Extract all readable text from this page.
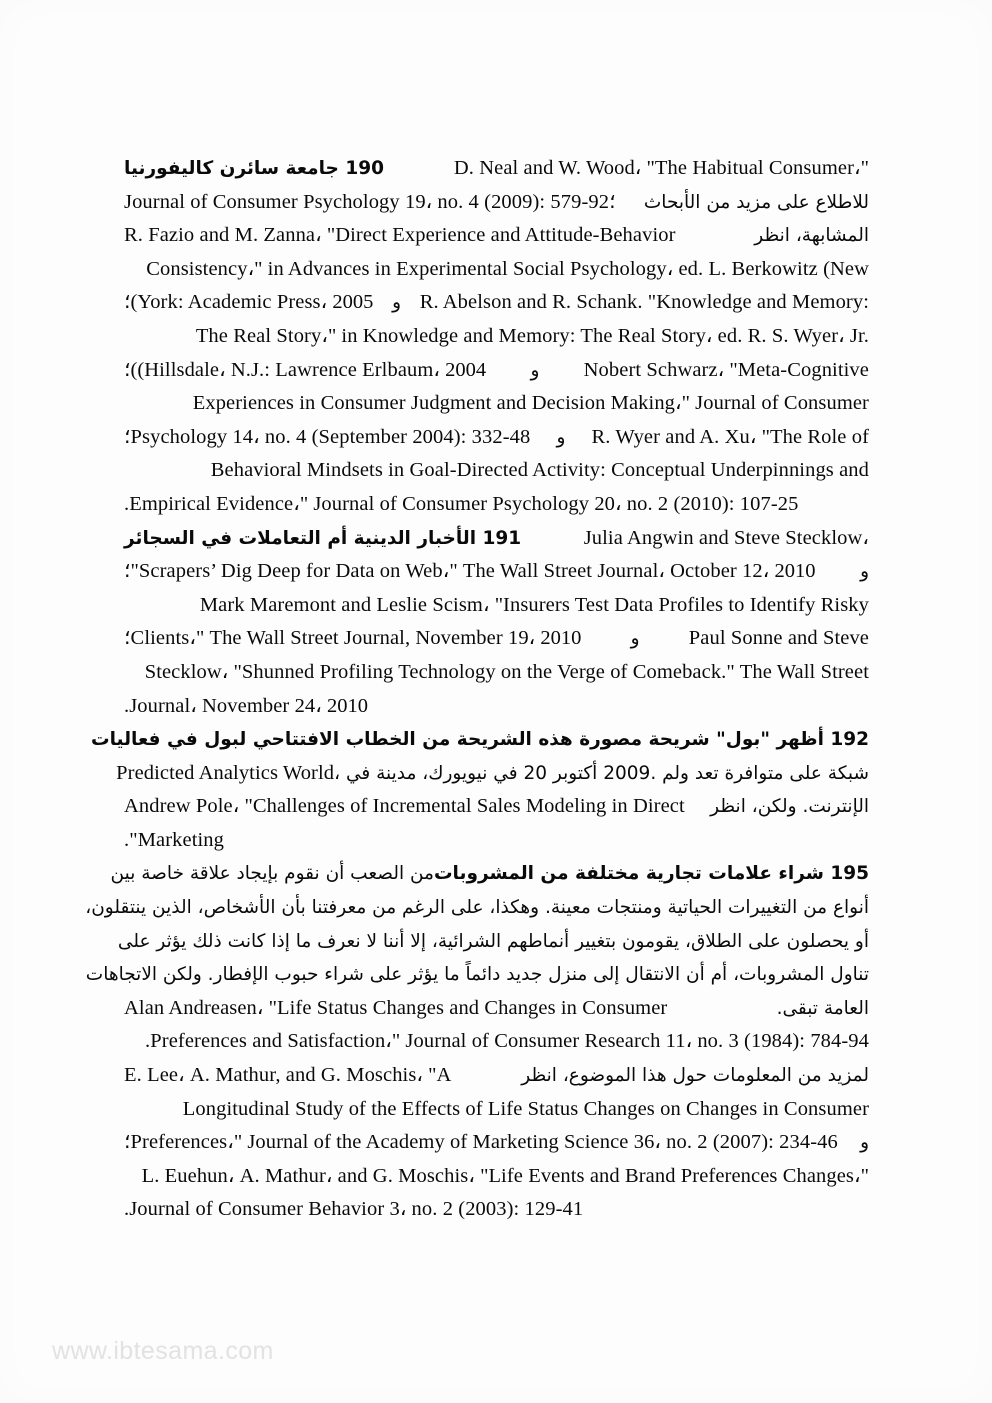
D. Neal and W. Wood، "The Habitual Consumer،"
190 جامعة سائرن كاليفورنيا
للاطلاع على مزيد من الأبحاث
Journal of Consumer Psychology 19، no. 4 (2009): 579-92؛
المشابهة، انظر
R. Fazio and M. Zanna، "Direct Experience and Attitude-Behavior
Consistency،" in Advances in Experimental Social Psychology، ed. L. Berkowitz (New
R. Abelson and R. Schank. "Knowledge and Memory:
و
؛(York: Academic Press، 2005
The Real Story،" in Knowledge and Memory: The Real Story، ed. R. S. Wyer، Jr.
Nobert Schwarz، "Meta-Cognitive
و
؛((Hillsdale، N.J.: Lawrence Erlbaum، 2004
Experiences in Consumer Judgment and Decision Making،" Journal of Consumer
R. Wyer and A. Xu، "The Role of
و
؛Psychology 14، no. 4 (September 2004): 332-48
Behavioral Mindsets in Goal-Directed Activity: Conceptual Underpinnings and
.Empirical Evidence،" Journal of Consumer Psychology 20، no. 2 (2010): 107-25
Julia Angwin and Steve Stecklow،
191 الأخبار الدينية أم التعاملات في السجائر
و
؛"Scrapers’ Dig Deep for Data on Web،" The Wall Street Journal، October 12، 2010
Mark Maremont and Leslie Scism، "Insurers Test Data Profiles to Identify Risky
Paul Sonne and Steve
و
؛Clients،" The Wall Street Journal, November 19، 2010
Stecklow، "Shunned Profiling Technology on the Verge of Comeback." The Wall Street
.Journal، November 24، 2010
192 أظهر "بول" شريحة مصورة هذه الشريحة من الخطاب الافتتاحي لبول في فعاليات
شبكة على متوافرة تعد ولم .2009 أكتوبر 20 في نيويورك، مدينة في ،
Predicted Analytics World
الإنترنت. ولكن، انظر
Andrew Pole، "Challenges of Incremental Sales Modeling in Direct
."Marketing
195 شراء علامات تجارية مختلفة من المشروبات
من الصعب أن نقوم بإيجاد علاقة خاصة بين
أنواع من التغييرات الحياتية ومنتجات معينة. وهكذا، على الرغم من معرفتنا بأن الأشخاص، الذين ينتقلون،
أو يحصلون على الطلاق، يقومون بتغيير أنماطهم الشرائية، إلا أننا لا نعرف ما إذا كانت ذلك يؤثر على
تناول المشروبات، أم أن الانتقال إلى منزل جديد دائماً ما يؤثر على شراء حبوب الإفطار. ولكن الاتجاهات
العامة تبقى.
Alan Andreasen، "Life Status Changes and Changes in Consumer
.Preferences and Satisfaction،" Journal of Consumer Research 11، no. 3 (1984): 784-94
لمزيد من المعلومات حول هذا الموضوع، انظر
E. Lee، A. Mathur, and G. Moschis، "A
Longitudinal Study of the Effects of Life Status Changes on Changes in Consumer
و
؛Preferences،" Journal of the Academy of Marketing Science 36، no. 2 (2007): 234-46
L. Euehun، A. Mathur، and G. Moschis، "Life Events and Brand Preferences Changes،"
.Journal of Consumer Behavior 3، no. 2 (2003): 129-41
www.ibtesama.com
